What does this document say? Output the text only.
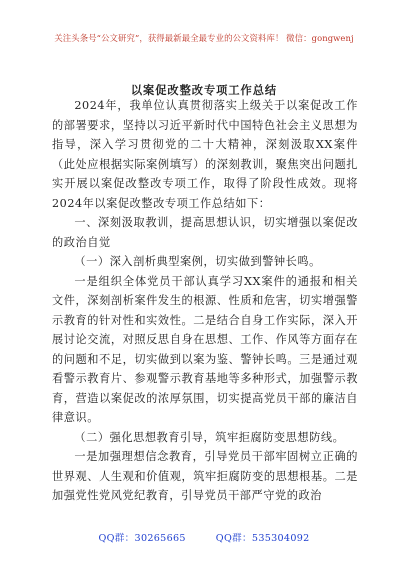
关注头条号“公文研究”，获得最新最全最专业的公文资料库！ 微信：gongwenj
以案促改整改专项工作总结

2024年，我单位认真贯彻落实上级关于以案促改工作的部署要求，坚持以习近平新时代中国特色社会主义思想为指导，深入学习贯彻党的二十大精神，深刻汲取XX案件（此处应根据实际案例填写）的深刻教训，聚焦突出问题扎实开展以案促改整改专项工作，取得了阶段性成效。现将2024年以案促改整改专项工作总结如下：

一、深刻汲取教训，提高思想认识，切实增强以案促改的政治自觉

（一）深入剖析典型案例，切实做到警钟长鸣。

一是组织全体党员干部认真学习XX案件的通报和相关文件，深刻剖析案件发生的根源、性质和危害，切实增强警示教育的针对性和实效性。二是结合自身工作实际，深入开展讨论交流，对照反思自身在思想、工作、作风等方面存在的问题和不足，切实做到以案为鉴、警钟长鸣。三是通过观看警示教育片、参观警示教育基地等多种形式，加强警示教育，营造以案促改的浓厚氛围，切实提高党员干部的廉洁自律意识。

（二）强化思想教育引导，筑牢拒腐防变思想防线。

一是加强理想信念教育，引导党员干部牢固树立正确的世界观、人生观和价值观，筑牢拒腐防变的思想根基。二是加强党性党风党纪教育，引导党员干部严守党的政治

QQ群：30265665	QQ群：535304092
